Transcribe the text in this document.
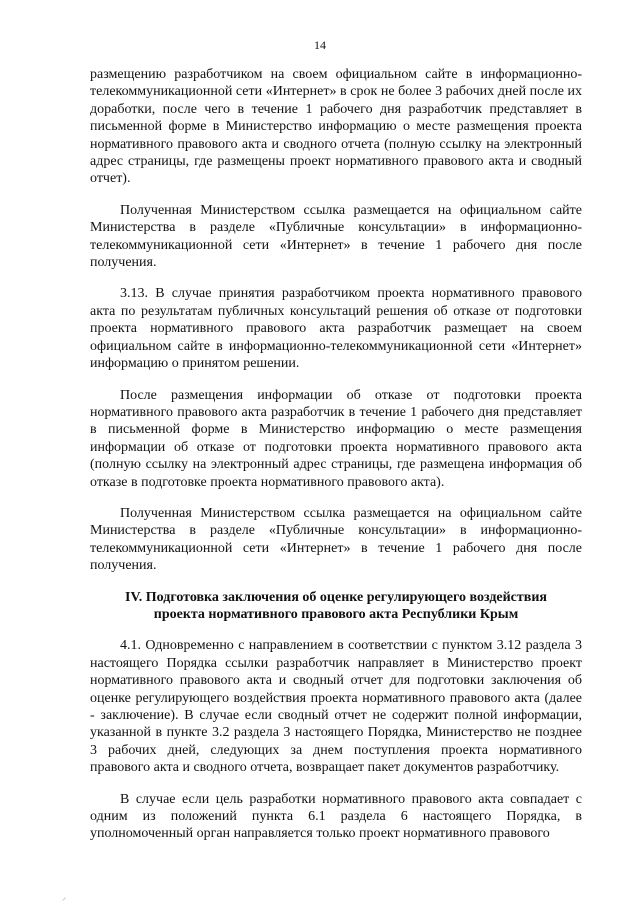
14

размещению разработчиком на своем официальном сайте в информационно-телекоммуникационной сети «Интернет» в срок не более 3 рабочих дней после их доработки, после чего в течение 1 рабочего дня разработчик представляет в письменной форме в Министерство информацию о месте размещения проекта нормативного правового акта и сводного отчета (полную ссылку на электронный адрес страницы, где размещены проект нормативного правового акта и сводный отчет).

Полученная Министерством ссылка размещается на официальном сайте Министерства в разделе «Публичные консультации» в информационно-телекоммуникационной сети «Интернет» в течение 1 рабочего дня после получения.

3.13. В случае принятия разработчиком проекта нормативного правового акта по результатам публичных консультаций решения об отказе от подготовки проекта нормативного правового акта разработчик размещает на своем официальном сайте в информационно-телекоммуникационной сети «Интернет» информацию о принятом решении.

После размещения информации об отказе от подготовки проекта нормативного правового акта разработчик в течение 1 рабочего дня представляет в письменной форме в Министерство информацию о месте размещения информации об отказе от подготовки проекта нормативного правового акта (полную ссылку на электронный адрес страницы, где размещена информация об отказе в подготовке проекта нормативного правового акта).

Полученная Министерством ссылка размещается на официальном сайте Министерства в разделе «Публичные консультации» в информационно-телекоммуникационной сети «Интернет» в течение 1 рабочего дня после получения.

IV. Подготовка заключения об оценке регулирующего воздействия проекта нормативного правового акта Республики Крым

4.1. Одновременно с направлением в соответствии с пунктом 3.12 раздела 3 настоящего Порядка ссылки разработчик направляет в Министерство проект нормативного правового акта и сводный отчет для подготовки заключения об оценке регулирующего воздействия проекта нормативного правового акта (далее - заключение). В случае если сводный отчет не содержит полной информации, указанной в пункте 3.2 раздела 3 настоящего Порядка, Министерство не позднее 3 рабочих дней, следующих за днем поступления проекта нормативного правового акта и сводного отчета, возвращает пакет документов разработчику.

В случае если цель разработки нормативного правового акта совпадает с одним из положений пункта 6.1 раздела 6 настоящего Порядка, в уполномоченный орган направляется только проект нормативного правового

⸝
